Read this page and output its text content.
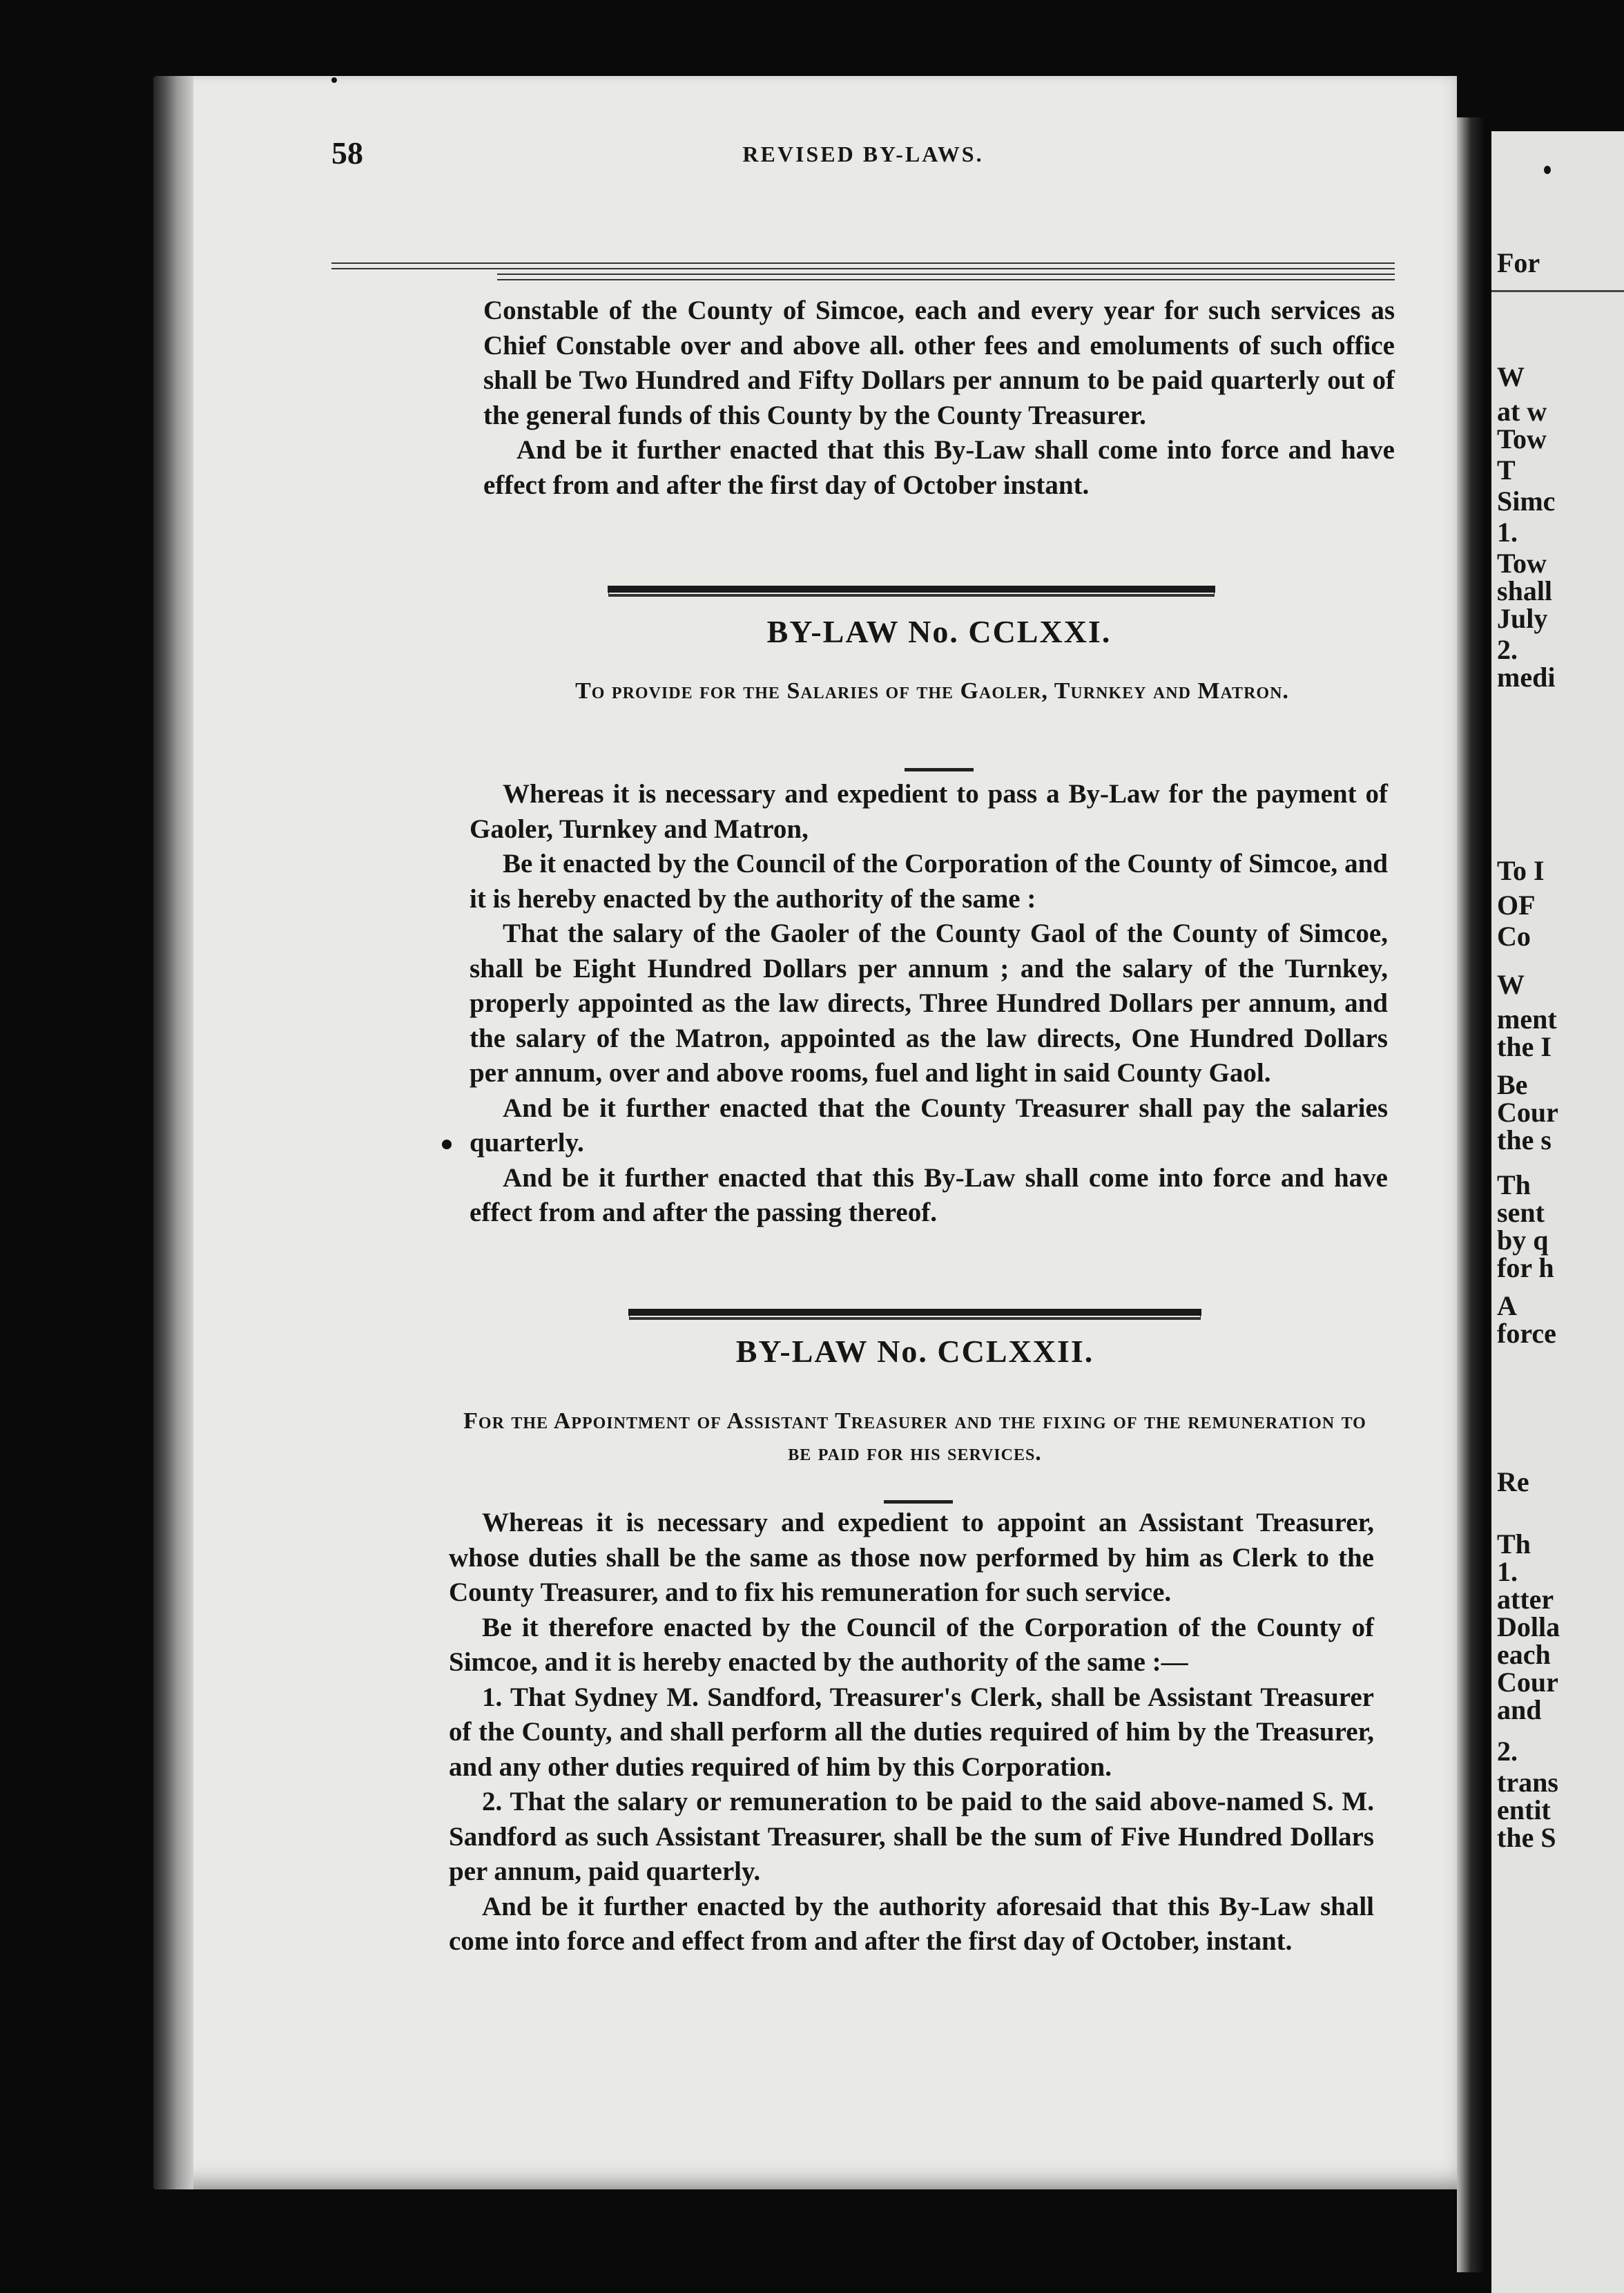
For
W
at w
Tow
T
Simc
1.
Tow
shall
July
2.
medi
To I
OF
Co
W
ment
the I
Be
Cour
the s
Th
sent
by q
for h
A
force
Re
Th
1.
atter
Dolla
each
Cour
and
2.
trans
entit
the S
58	REVISED BY-LAWS.

Constable of the County of Simcoe, each and every year for such services as Chief Constable over and above all. other fees and emoluments of such office shall be Two Hundred and Fifty Dollars per annum to be paid quarterly out of the general funds of this County by the County Treasurer.

And be it further enacted that this By-Law shall come into force and have effect from and after the first day of October instant.

BY-LAW No. CCLXXI.
To provide for the Salaries of the Gaoler, Turnkey and Matron.

Whereas it is necessary and expedient to pass a By-Law for the payment of Gaoler, Turnkey and Matron,

Be it enacted by the Council of the Corporation of the County of Simcoe, and it is hereby enacted by the authority of the same :

That the salary of the Gaoler of the County Gaol of the County of Simcoe, shall be Eight Hundred Dollars per annum ; and the salary of the Turnkey, properly appointed as the law directs, Three Hundred Dollars per annum, and the salary of the Matron, appointed as the law directs, One Hundred Dollars per annum, over and above rooms, fuel and light in said County Gaol.

And be it further enacted that the County Treasurer shall pay the salaries quarterly.

And be it further enacted that this By-Law shall come into force and have effect from and after the passing thereof.

BY-LAW No. CCLXXII.
For the Appointment of Assistant Treasurer and the fixing of the remuneration to be paid for his services.

Whereas it is necessary and expedient to appoint an Assistant Treasurer, whose duties shall be the same as those now performed by him as Clerk to the County Treasurer, and to fix his remuneration for such service.

Be it therefore enacted by the Council of the Corporation of the County of Simcoe, and it is hereby enacted by the authority of the same :—

1. That Sydney M. Sandford, Treasurer's Clerk, shall be Assistant Treasurer of the County, and shall perform all the duties required of him by the Treasurer, and any other duties required of him by this Corporation.

2. That the salary or remuneration to be paid to the said above-named S. M. Sandford as such Assistant Treasurer, shall be the sum of Five Hundred Dollars per annum, paid quarterly.

And be it further enacted by the authority aforesaid that this By-Law shall come into force and effect from and after the first day of October, instant.
